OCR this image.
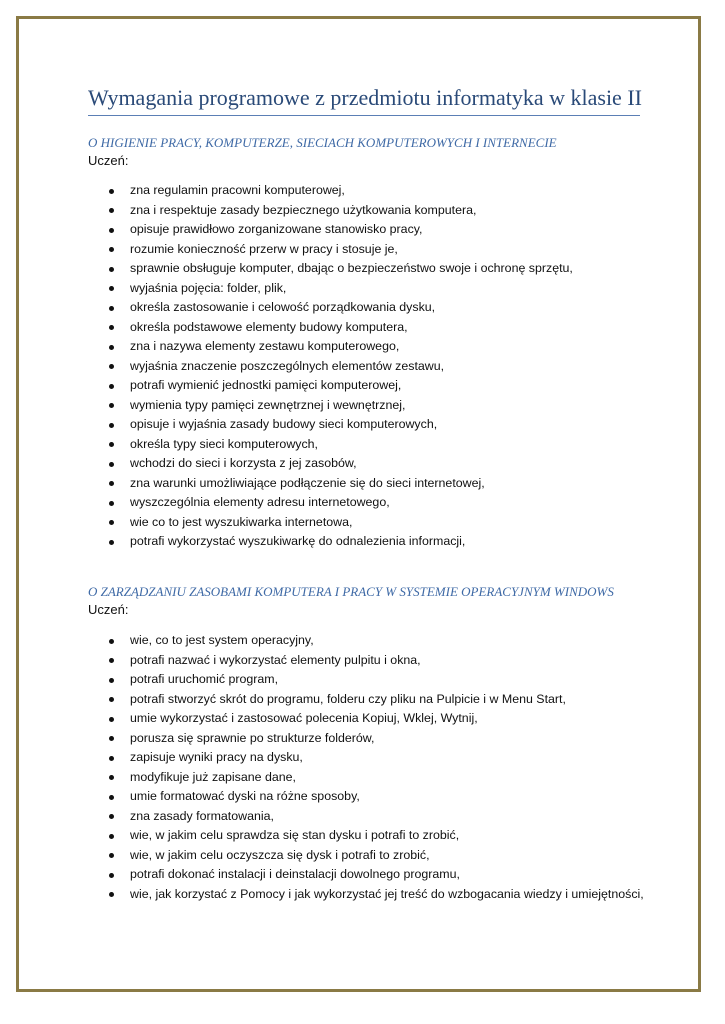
Wymagania programowe z przedmiotu informatyka w klasie II
O HIGIENIE PRACY, KOMPUTERZE, SIECIACH KOMPUTEROWYCH I INTERNECIE
Uczeń:
zna regulamin pracowni komputerowej,
zna i respektuje zasady bezpiecznego użytkowania komputera,
opisuje prawidłowo zorganizowane stanowisko pracy,
rozumie konieczność przerw w pracy i stosuje je,
sprawnie obsługuje komputer, dbając o bezpieczeństwo swoje i ochronę sprzętu,
wyjaśnia pojęcia: folder, plik,
określa zastosowanie i celowość porządkowania dysku,
określa podstawowe elementy budowy komputera,
zna i nazywa elementy zestawu komputerowego,
wyjaśnia znaczenie poszczególnych elementów zestawu,
potrafi wymienić jednostki pamięci komputerowej,
wymienia typy pamięci zewnętrznej i wewnętrznej,
opisuje i wyjaśnia zasady budowy sieci komputerowych,
określa typy sieci komputerowych,
wchodzi do sieci i korzysta z jej zasobów,
zna warunki umożliwiające podłączenie się do sieci internetowej,
wyszczególnia elementy adresu internetowego,
wie co to jest wyszukiwarka internetowa,
potrafi wykorzystać wyszukiwarkę do odnalezienia informacji,
O ZARZĄDZANIU ZASOBAMI KOMPUTERA I PRACY W SYSTEMIE OPERACYJNYM WINDOWS
Uczeń:
wie, co to jest system operacyjny,
potrafi nazwać i wykorzystać elementy pulpitu i okna,
potrafi uruchomić program,
potrafi stworzyć skrót do programu, folderu czy pliku na Pulpicie i w Menu Start,
umie wykorzystać i zastosować polecenia Kopiuj, Wklej, Wytnij,
porusza się sprawnie po strukturze folderów,
zapisuje wyniki pracy na dysku,
modyfikuje już zapisane dane,
umie formatować dyski na różne sposoby,
zna zasady formatowania,
wie, w jakim celu sprawdza się stan dysku i potrafi to zrobić,
wie, w jakim celu oczyszcza się dysk i potrafi to zrobić,
potrafi dokonać instalacji i deinstalacji dowolnego programu,
wie, jak korzystać z Pomocy i jak wykorzystać jej treść do wzbogacania wiedzy i umiejętności,
